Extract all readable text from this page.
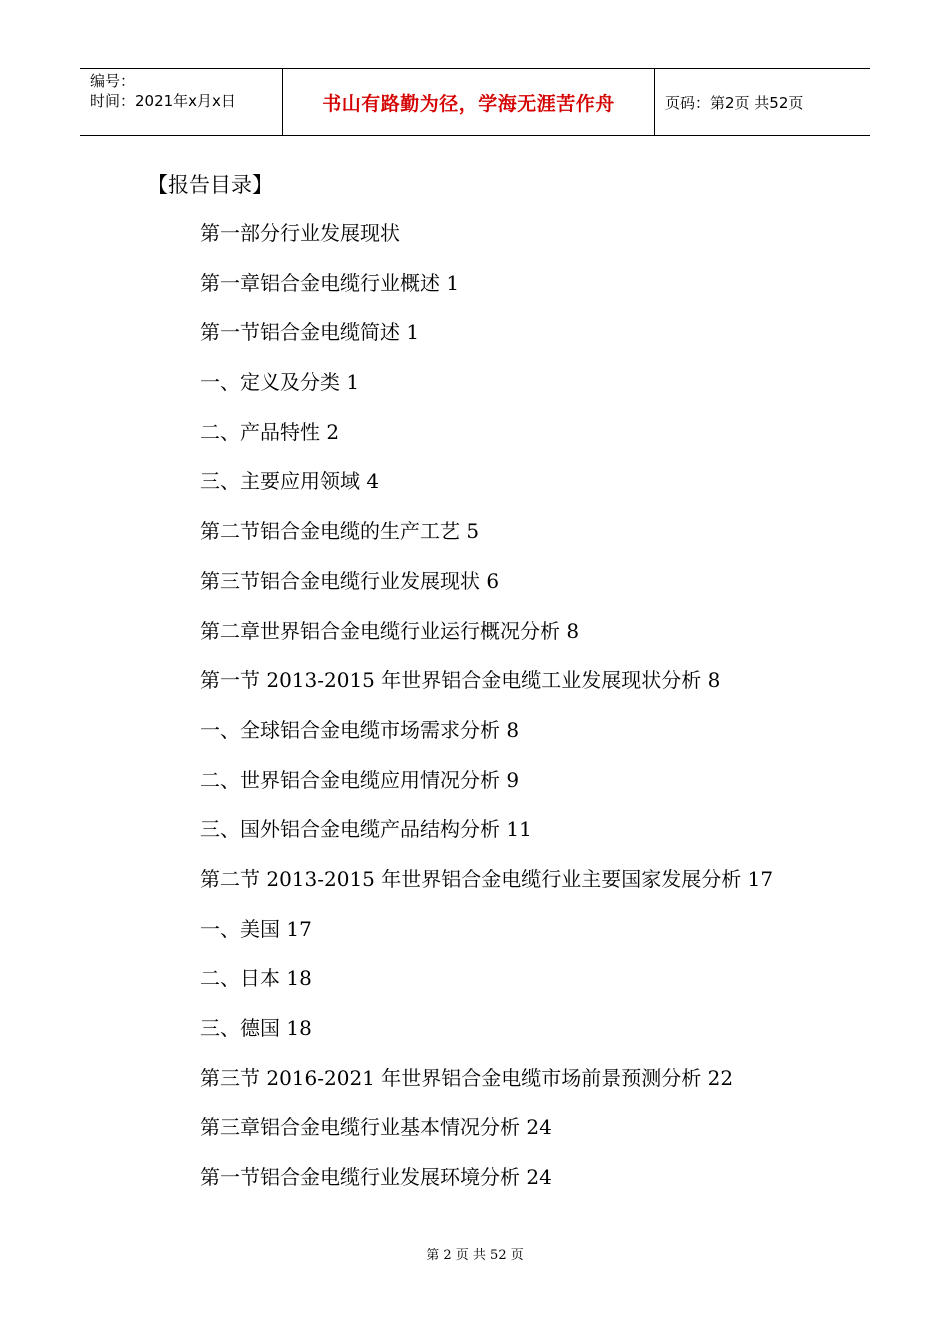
编号：
时间：2021年x月x日	书山有路勤为径，学海无涯苦作舟	页码：第2页 共52页
【报告目录】
第一部分行业发展现状
第一章铝合金电缆行业概述 1
第一节铝合金电缆简述 1
一、定义及分类 1
二、产品特性 2
三、主要应用领域 4
第二节铝合金电缆的生产工艺 5
第三节铝合金电缆行业发展现状 6
第二章世界铝合金电缆行业运行概况分析 8
第一节 2013-2015 年世界铝合金电缆工业发展现状分析 8
一、全球铝合金电缆市场需求分析 8
二、世界铝合金电缆应用情况分析 9
三、国外铝合金电缆产品结构分析 11
第二节 2013-2015 年世界铝合金电缆行业主要国家发展分析 17
一、美国 17
二、日本 18
三、德国 18
第三节 2016-2021 年世界铝合金电缆市场前景预测分析 22
第三章铝合金电缆行业基本情况分析 24
第一节铝合金电缆行业发展环境分析 24
第 2 页 共 52 页
